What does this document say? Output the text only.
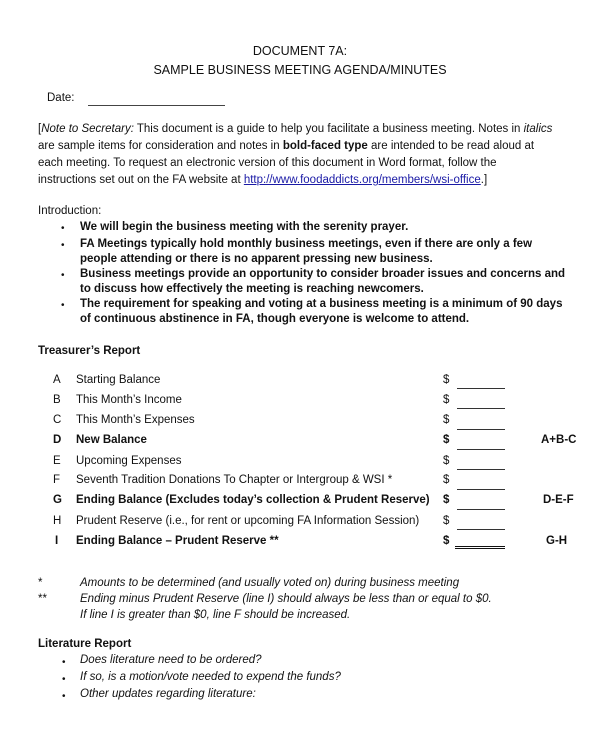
DOCUMENT 7A:
SAMPLE BUSINESS MEETING AGENDA/MINUTES
Date:
[Note to Secretary: This document is a guide to help you facilitate a business meeting. Notes in italics
are sample items for consideration and notes in bold-faced type are intended to be read aloud at
each meeting. To request an electronic version of this document in Word format, follow the
instructions set out on the FA website at http://www.foodaddicts.org/members/wsi-office.]
Introduction:
• We will begin the business meeting with the serenity prayer.
• FA Meetings typically hold monthly business meetings, even if there are only a few
people attending or there is no apparent pressing new business.
• Business meetings provide an opportunity to consider broader issues and concerns and
to discuss how effectively the meeting is reaching newcomers.
• The requirement for speaking and voting at a business meeting is a minimum of 90 days
of continuous abstinence in FA, though everyone is welcome to attend.
Treasurer’s Report
A Starting Balance	$
B This Month’s Income	$
C This Month’s Expenses	$
D New Balance	$	A+B-C
E Upcoming Expenses	$
F Seventh Tradition Donations To Chapter or Intergroup & WSI *	$
G Ending Balance (Excludes today’s collection & Prudent Reserve) $	D-E-F
H Prudent Reserve (i.e., for rent or upcoming FA Information Session) $
I Ending Balance – Prudent Reserve **	$	G-H
*	Amounts to be determined (and usually voted on) during business meeting
**	Ending minus Prudent Reserve (line I) should always be less than or equal to $0.
If line I is greater than $0, line F should be increased.
Literature Report
• Does literature need to be ordered?
• If so, is a motion/vote needed to expend the funds?
• Other updates regarding literature:
